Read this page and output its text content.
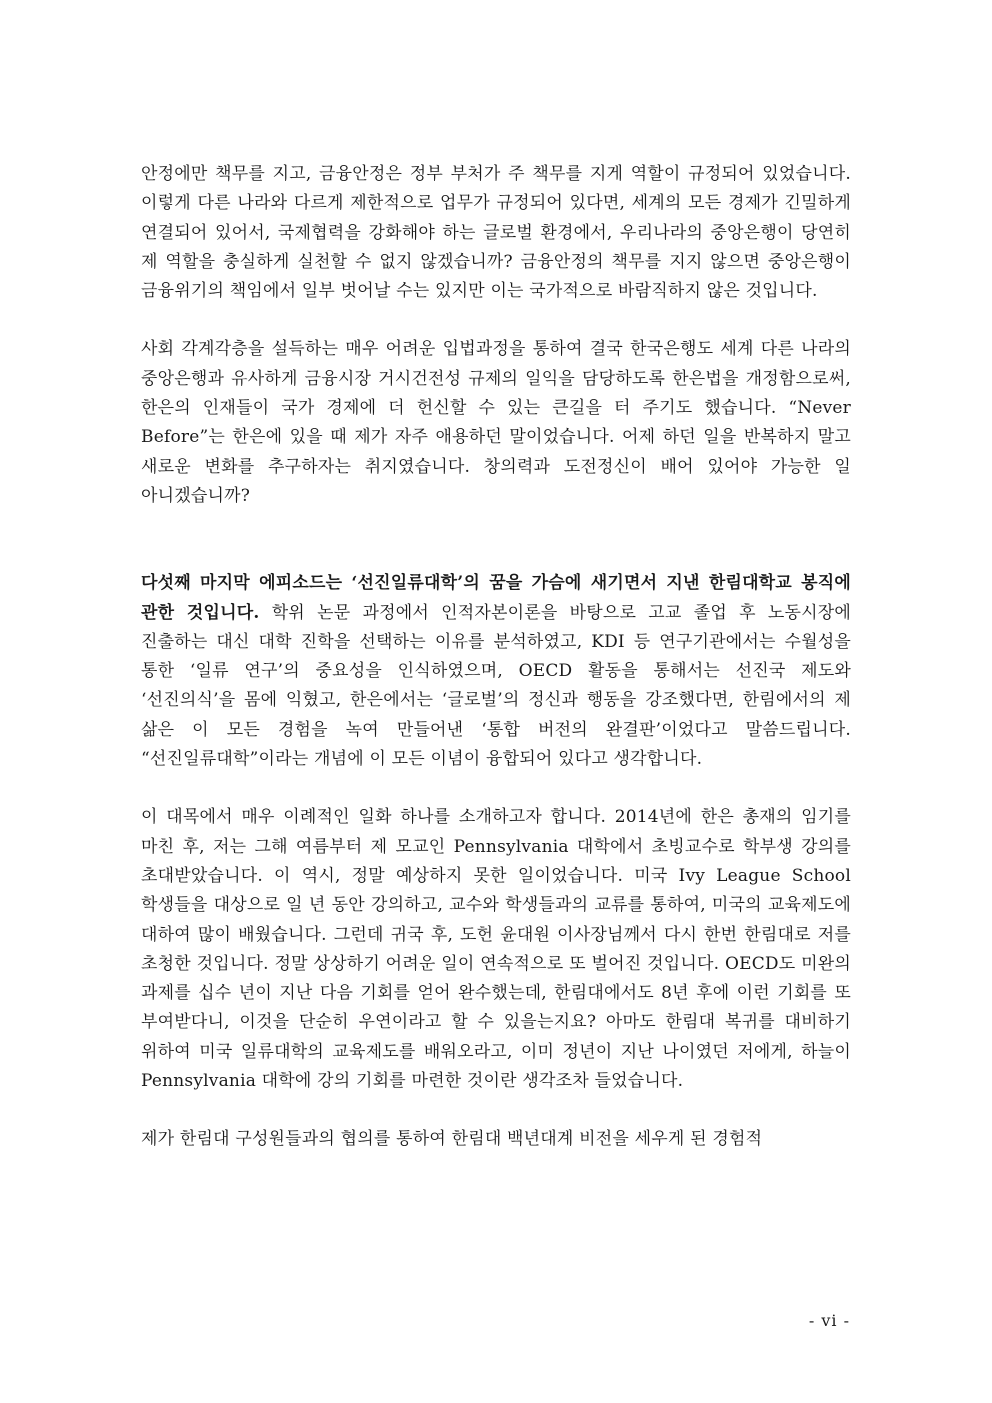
안정에만 책무를 지고, 금융안정은 정부 부처가 주 책무를 지게 역할이 규정되어 있었습니다. 이렇게 다른 나라와 다르게 제한적으로 업무가 규정되어 있다면, 세계의 모든 경제가 긴밀하게 연결되어 있어서, 국제협력을 강화해야 하는 글로벌 환경에서, 우리나라의 중앙은행이 당연히 제 역할을 충실하게 실천할 수 없지 않겠습니까? 금융안정의 책무를 지지 않으면 중앙은행이 금융위기의 책임에서 일부 벗어날 수는 있지만 이는 국가적으로 바람직하지 않은 것입니다.

사회 각계각층을 설득하는 매우 어려운 입법과정을 통하여 결국 한국은행도 세계 다른 나라의 중앙은행과 유사하게 금융시장 거시건전성 규제의 일익을 담당하도록 한은법을 개정함으로써, 한은의 인재들이 국가 경제에 더 헌신할 수 있는 큰길을 터 주기도 했습니다. “Never Before”는 한은에 있을 때 제가 자주 애용하던 말이었습니다. 어제 하던 일을 반복하지 말고 새로운 변화를 추구하자는 취지였습니다. 창의력과 도전정신이 배어 있어야 가능한 일 아니겠습니까?

다섯째 마지막 에피소드는 ‘선진일류대학’의 꿈을 가슴에 새기면서 지낸 한림대학교 봉직에 관한 것입니다. 학위 논문 과정에서 인적자본이론을 바탕으로 고교 졸업 후 노동시장에 진출하는 대신 대학 진학을 선택하는 이유를 분석하였고, KDI 등 연구기관에서는 수월성을 통한 ‘일류 연구’의 중요성을 인식하였으며, OECD 활동을 통해서는 선진국 제도와 ‘선진의식’을 몸에 익혔고, 한은에서는 ‘글로벌’의 정신과 행동을 강조했다면, 한림에서의 제 삶은 이 모든 경험을 녹여 만들어낸 ‘통합 버전의 완결판’이었다고 말씀드립니다. “선진일류대학”이라는 개념에 이 모든 이념이 융합되어 있다고 생각합니다.

이 대목에서 매우 이례적인 일화 하나를 소개하고자 합니다. 2014년에 한은 총재의 임기를 마친 후, 저는 그해 여름부터 제 모교인 Pennsylvania 대학에서 초빙교수로 학부생 강의를 초대받았습니다. 이 역시, 정말 예상하지 못한 일이었습니다. 미국 Ivy League School 학생들을 대상으로 일 년 동안 강의하고, 교수와 학생들과의 교류를 통하여, 미국의 교육제도에 대하여 많이 배웠습니다. 그런데 귀국 후, 도헌 윤대원 이사장님께서 다시 한번 한림대로 저를 초청한 것입니다. 정말 상상하기 어려운 일이 연속적으로 또 벌어진 것입니다. OECD도 미완의 과제를 십수 년이 지난 다음 기회를 얻어 완수했는데, 한림대에서도 8년 후에 이런 기회를 또 부여받다니, 이것을 단순히 우연이라고 할 수 있을는지요? 아마도 한림대 복귀를 대비하기 위하여 미국 일류대학의 교육제도를 배워오라고, 이미 정년이 지난 나이였던 저에게, 하늘이 Pennsylvania 대학에 강의 기회를 마련한 것이란 생각조차 들었습니다.

제가 한림대 구성원들과의 협의를 통하여 한림대 백년대계 비전을 세우게 된 경험적

- vi -
